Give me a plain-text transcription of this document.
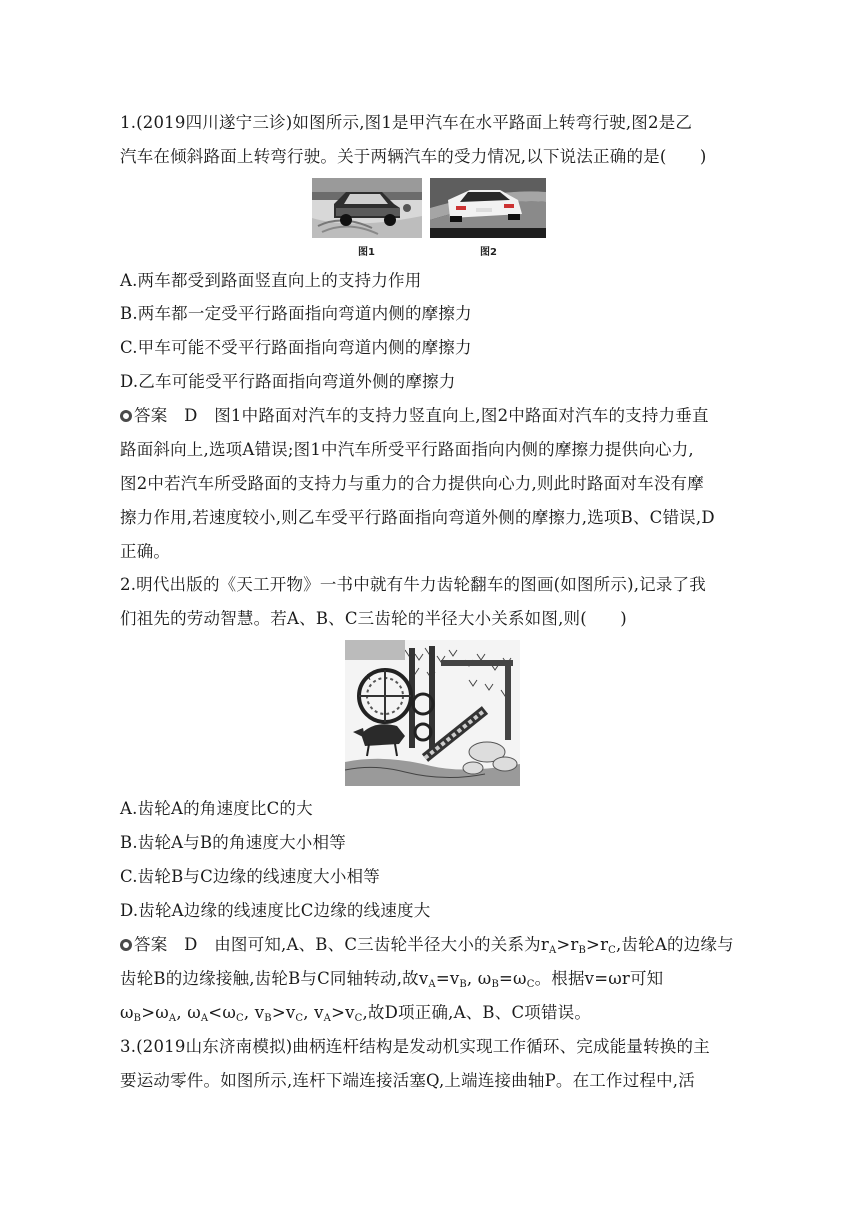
1.(2019四川遂宁三诊)如图所示,图1是甲汽车在水平路面上转弯行驶,图2是乙
汽车在倾斜路面上转弯行驶。关于两辆汽车的受力情况,以下说法正确的是(　　)
图1	图2
A.两车都受到路面竖直向上的支持力作用
B.两车都一定受平行路面指向弯道内侧的摩擦力
C.甲车可能不受平行路面指向弯道内侧的摩擦力
D.乙车可能受平行路面指向弯道外侧的摩擦力
答案　D　图1中路面对汽车的支持力竖直向上,图2中路面对汽车的支持力垂直
路面斜向上,选项A错误;图1中汽车所受平行路面指向内侧的摩擦力提供向心力,
图2中若汽车所受路面的支持力与重力的合力提供向心力,则此时路面对车没有摩
擦力作用,若速度较小,则乙车受平行路面指向弯道外侧的摩擦力,选项B、C错误,D
正确。
2.明代出版的《天工开物》一书中就有牛力齿轮翻车的图画(如图所示),记录了我
们祖先的劳动智慧。若A、B、C三齿轮的半径大小关系如图,则(　　)
A
A.齿轮A的角速度比C的大
B.齿轮A与B的角速度大小相等
C.齿轮B与C边缘的线速度大小相等
D.齿轮A边缘的线速度比C边缘的线速度大
答案　D　由图可知,A、B、C三齿轮半径大小的关系为$r_A>r_B>r_C$,齿轮A的边缘与
齿轮B的边缘接触,齿轮B与C同轴转动,故$v_A=v_B$, $\omega_B=\omega_C$。根据v=ωr可知
$\omega_B>\omega_A$, $\omega_A<\omega_C$, $v_B>v_C$, $v_A>v_C$,故D项正确,A、B、C项错误。
3.(2019山东济南模拟)曲柄连杆结构是发动机实现工作循环、完成能量转换的主
要运动零件。如图所示,连杆下端连接活塞Q,上端连接曲轴P。在工作过程中,活
